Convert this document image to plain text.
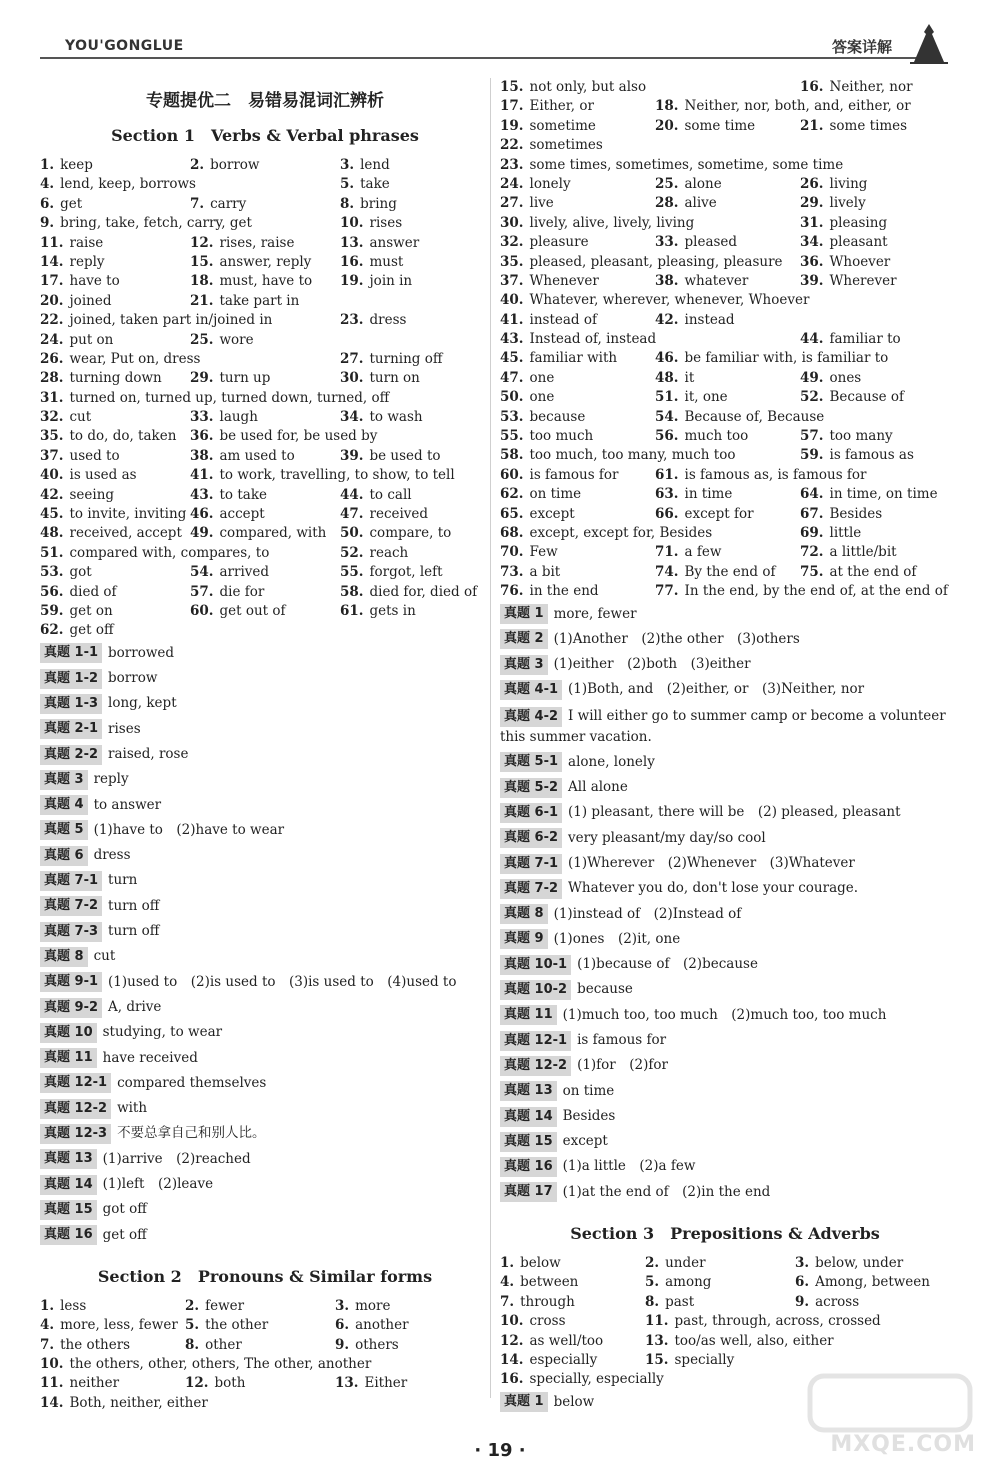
YOU'GONGLUE	答案详解
专题提优二　易错易混词汇辨析
Section 1　Verbs & Verbal phrases
1. keep	2. borrow	3. lend
4. lend, keep, borrows	5. take
6. get	7. carry	8. bring
9. bring, take, fetch, carry, get	10. rises
11. raise	12. rises, raise	13. answer
14. reply	15. answer, reply	16. must
17. have to	18. must, have to	19. join in
20. joined	21. take part in
22. joined, taken part in/joined in	23. dress
24. put on	25. wore
26. wear, Put on, dress	27. turning off
28. turning down	29. turn up	30. turn on
31. turned on, turned up, turned down, turned, off
32. cut	33. laugh	34. to wash
35. to do, do, taken	36. be used for, be used by
37. used to	38. am used to	39. be used to
40. is used as	41. to work, travelling, to show, to tell
42. seeing	43. to take	44. to call
45. to invite, inviting 46. accept	47. received
48. received, accept 49. compared, with	50. compare, to
51. compared with, compares, to	52. reach
53. got	54. arrived	55. forgot, left
56. died of	57. die for	58. died for, died of
59. get on	60. get out of	61. gets in
62. get off
真题 1-1 borrowed
真题 1-2 borrow
真题 1-3 long, kept
真题 2-1 rises
真题 2-2 raised, rose
真题 3 reply
真题 4 to answer
真题 5 (1)have to　(2)have to wear
真题 6 dress
真题 7-1 turn
真题 7-2 turn off
真题 7-3 turn off
真题 8 cut
真题 9-1 (1)used to　(2)is used to　(3)is used to　(4)used to
真题 9-2 A, drive
真题 10 studying, to wear
真题 11 have received
真题 12-1 compared themselves
真题 12-2 with
真题 12-3 不要总拿自己和别人比。
真题 13 (1)arrive　(2)reached
真题 14 (1)left　(2)leave
真题 15 got off
真题 16 get off
Section 2　Pronouns & Similar forms
1. less	2. fewer	3. more
4. more, less, fewer 5. the other	6. another
7. the others	8. other	9. others
10. the others, other, others, The other, another
11. neither	12. both	13. Either
14. Both, neither, either
15. not only, but also	16. Neither, nor
17. Either, or	18. Neither, nor, both, and, either, or
19. sometime	20. some time	21. some times
22. sometimes
23. some times, sometimes, sometime, some time
24. lonely	25. alone	26. living
27. live	28. alive	29. lively
30. lively, alive, lively, living	31. pleasing
32. pleasure	33. pleased	34. pleasant
35. pleased, pleasant, pleasing, pleasure 36. Whoever
37. Whenever	38. whatever	39. Wherever
40. Whatever, wherever, whenever, Whoever
41. instead of	42. instead
43. Instead of, instead	44. familiar to
45. familiar with	46. be familiar with, is familiar to
47. one	48. it	49. ones
50. one	51. it, one	52. Because of
53. because	54. Because of, Because
55. too much	56. much too	57. too many
58. too much, too many, much too	59. is famous as
60. is famous for	61. is famous as, is famous for
62. on time	63. in time	64. in time, on time
65. except	66. except for	67. Besides
68. except, except for, Besides	69. little
70. Few	71. a few	72. a little/bit
73. a bit	74. By the end of	75. at the end of
76. in the end	77. In the end, by the end of, at the end of
真题 1 more, fewer
真题 2 (1)Another　(2)the other　(3)others
真题 3 (1)either　(2)both　(3)either
真题 4-1 (1)Both, and　(2)either, or　(3)Neither, nor
真题 4-2 I will either go to summer camp or become a volunteer this summer vacation.
真题 5-1 alone, lonely
真题 5-2 All alone
真题 6-1 (1) pleasant, there will be　(2) pleased, pleasant
真题 6-2 very pleasant/my day/so cool
真题 7-1 (1)Wherever　(2)Whenever　(3)Whatever
真题 7-2 Whatever you do, don't lose your courage.
真题 8 (1)instead of　(2)Instead of
真题 9 (1)ones　(2)it, one
真题 10-1 (1)because of　(2)because
真题 10-2 because
真题 11 (1)much too, too much　(2)much too, too much
真题 12-1 is famous for
真题 12-2 (1)for　(2)for
真题 13 on time
真题 14 Besides
真题 15 except
真题 16 (1)a little　(2)a few
真题 17 (1)at the end of　(2)in the end
Section 3　Prepositions & Adverbs
1. below	2. under	3. below, under
4. between	5. among	6. Among, between
7. through	8. past	9. across
10. cross	11. past, through, across, crossed
12. as well/too	13. too/as well, also, either
14. especially	15. specially
16. specially, especially
真题 1 below
· 19 ·	MXQE.COM
